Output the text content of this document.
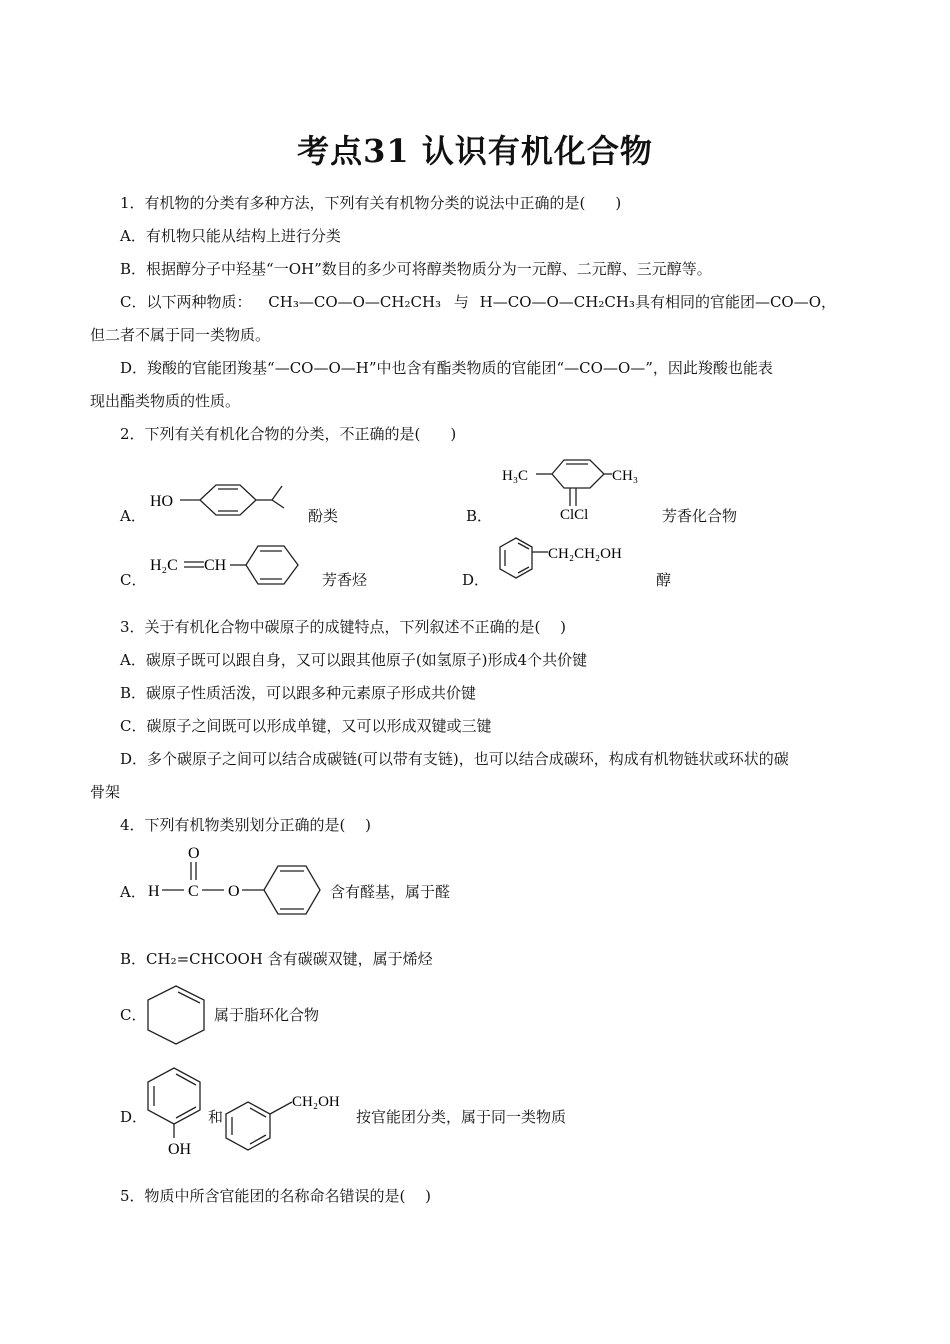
考点31 认识有机化合物
1．有机物的分类有多种方法，下列有关有机物分类的说法中正确的是(　　)
A．有机物只能从结构上进行分类
B．根据醇分子中羟基“一OH”数目的多少可将醇类物质分为一元醇、二元醇、三元醇等。
C．以下两种物质： CH₃—CO—O—CH₂CH₃ 与 H—CO—O—CH₂CH₃具有相同的官能团—CO—O，
但二者不属于同一类物质。
D．羧酸的官能团羧基“—CO—O—H”中也含有酯类物质的官能团“—CO—O—”，因此羧酸也能表
现出酯类物质的性质。
2．下列有关有机化合物的分类，不正确的是(　　)
A．
HO
酚类	B．
H₃C	CH₃
ClCl	芳香化合物
C．
H₂C CH
芳香烃	D．
CH₂CH₂OH
醇
3．关于有机化合物中碳原子的成键特点，下列叙述不正确的是(　 )
A．碳原子既可以跟自身，又可以跟其他原子(如氢原子)形成4个共价键
B．碳原子性质活泼，可以跟多种元素原子形成共价键
C．碳原子之间既可以形成单键，又可以形成双键或三键
D．多个碳原子之间可以结合成碳链(可以带有支链)，也可以结合成碳环，构成有机物链状或环状的碳
骨架
4．下列有机物类别划分正确的是(　 )
A．
O
H C O	含有醛基，属于醛
B．CH₂=CHCOOH 含有碳碳双键，属于烯烃
C．	属于脂环化合物
D．
OH
和
CH₂OH
按官能团分类，属于同一类物质
5．物质中所含官能团的名称命名错误的是(　 )
